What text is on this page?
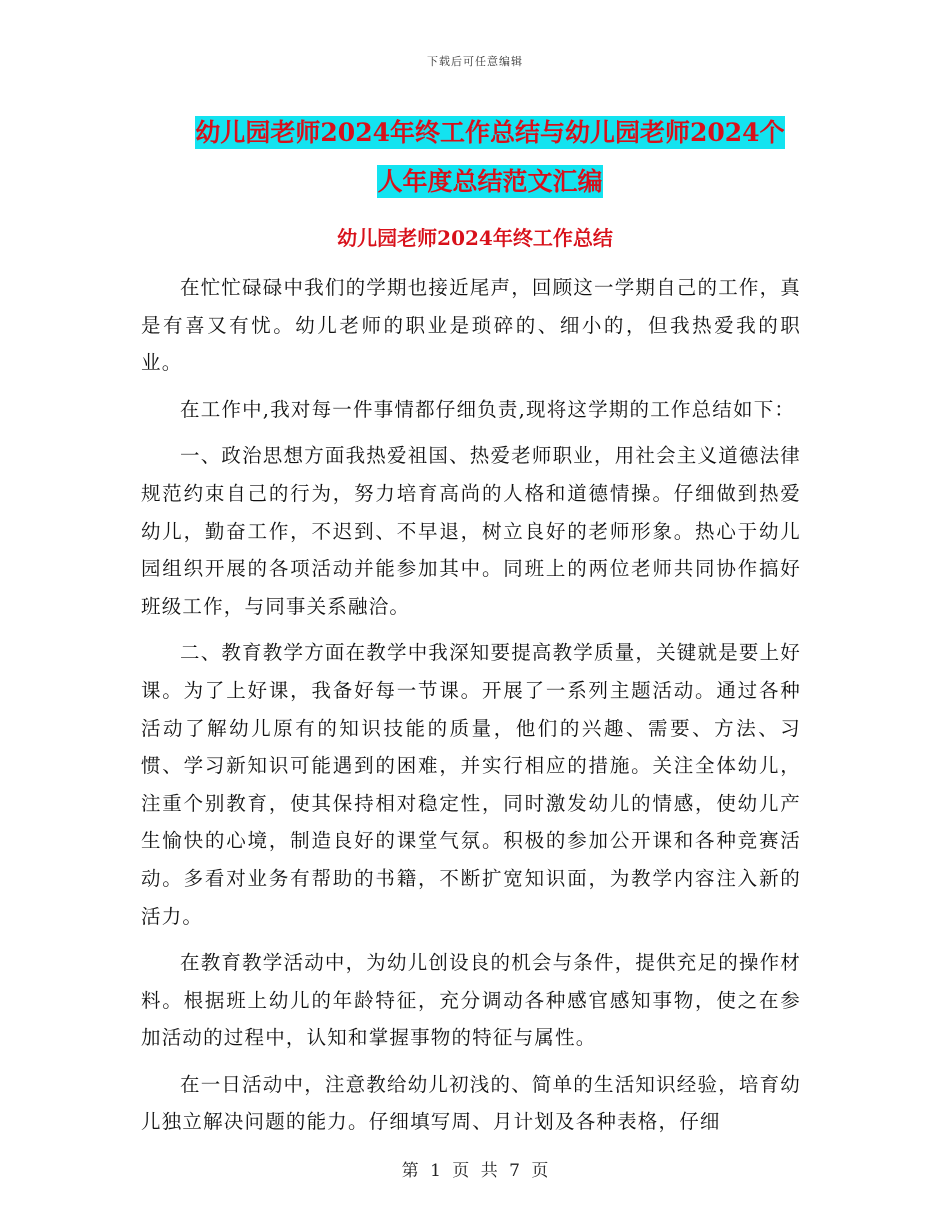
下载后可任意编辑
幼儿园老师2024年终工作总结与幼儿园老师2024个
人年度总结范文汇编
幼儿园老师2024年终工作总结

在忙忙碌碌中我们的学期也接近尾声，回顾这一学期自己的工作，真是有喜又有忧。幼儿老师的职业是琐碎的、细小的，但我热爱我的职业。

在工作中,我对每一件事情都仔细负责,现将这学期的工作总结如下：

一、政治思想方面我热爱祖国、热爱老师职业，用社会主义道德法律规范约束自己的行为，努力培育高尚的人格和道德情操。仔细做到热爱幼儿，勤奋工作，不迟到、不早退，树立良好的老师形象。热心于幼儿园组织开展的各项活动并能参加其中。同班上的两位老师共同协作搞好班级工作，与同事关系融洽。

二、教育教学方面在教学中我深知要提高教学质量，关键就是要上好课。为了上好课，我备好每一节课。开展了一系列主题活动。通过各种活动了解幼儿原有的知识技能的质量，他们的兴趣、需要、方法、习惯、学习新知识可能遇到的困难，并实行相应的措施。关注全体幼儿，注重个别教育，使其保持相对稳定性，同时激发幼儿的情感，使幼儿产生愉快的心境，制造良好的课堂气氛。积极的参加公开课和各种竞赛活动。多看对业务有帮助的书籍，不断扩宽知识面，为教学内容注入新的活力。

在教育教学活动中，为幼儿创设良的机会与条件，提供充足的操作材料。根据班上幼儿的年龄特征，充分调动各种感官感知事物，使之在参加活动的过程中，认知和掌握事物的特征与属性。

在一日活动中，注意教给幼儿初浅的、简单的生活知识经验，培育幼儿独立解决问题的能力。仔细填写周、月计划及各种表格，仔细

第 1 页 共 7 页
